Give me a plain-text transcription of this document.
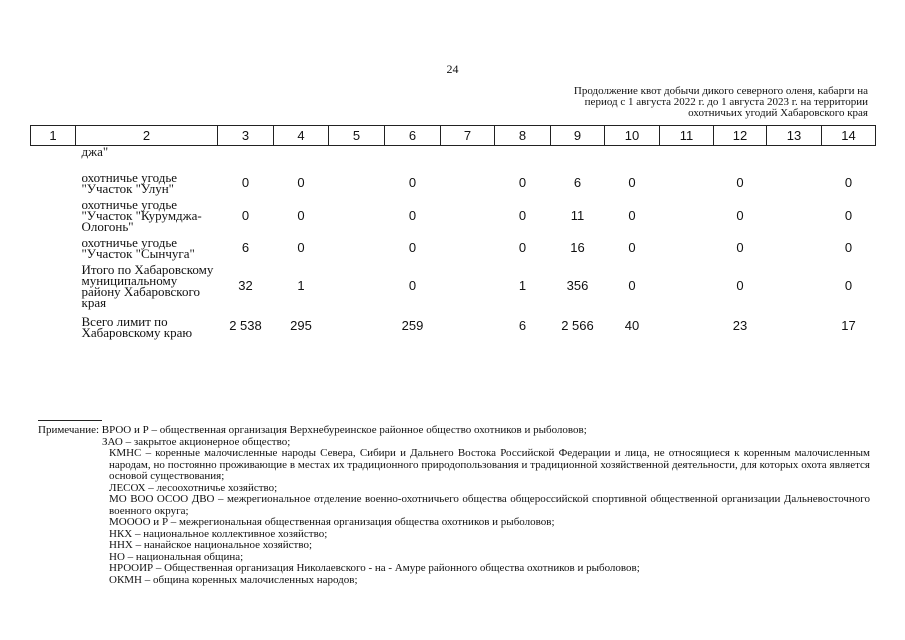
24
Продолжение квот добычи дикого северного оленя, кабарги на период с 1 августа 2022 г. до 1 августа 2023 г. на территории охотничьих угодий Хабаровского края
1	2	3	4	5	6	7	8	9	10	11	12	13	14
	джа"												
	охотничье угодье "Участок "Улун"	0	0		0		0	6	0		0		0
	охотничье угодье "Участок "Курумджа-Ологонь"	0	0		0		0	11	0		0		0
	охотничье угодье "Участок "Сынчуга"	6	0		0		0	16	0		0		0
	Итого по Хабаровскому муниципальному району Хабаровского края	32	1		0		1	356	0		0		0
	Всего лимит по Хабаровскому краю	2 538	295		259		6	2 566	40		23		17

Примечание: ВРОО и Р – общественная организация Верхнебуреинское районное общество охотников и рыболовов;

ЗАО – закрытое акционерное общество;

КМНС – коренные малочисленные народы Севера, Сибири и Дальнего Востока Российской Федерации и лица, не относящиеся к коренным малочисленным народам, но постоянно проживающие в местах их традиционного природопользования и традиционной хозяйственной деятельности, для которых охота является основой существования;

ЛЕСОХ – лесоохотничье хозяйство;

МО ВОО ОСОО ДВО – межрегиональное отделение военно-охотничьего общества общероссийской спортивной общественной организации Дальневосточного военного округа;

МОООО и Р – межрегиональная общественная организация общества охотников и рыболовов;

НКХ – национальное коллективное хозяйство;

ННХ – нанайское национальное хозяйство;

НО – национальная община;

НРООИР – Общественная организация Николаевского - на - Амуре районного общества охотников и рыболовов;

ОКМН – община коренных малочисленных народов;
